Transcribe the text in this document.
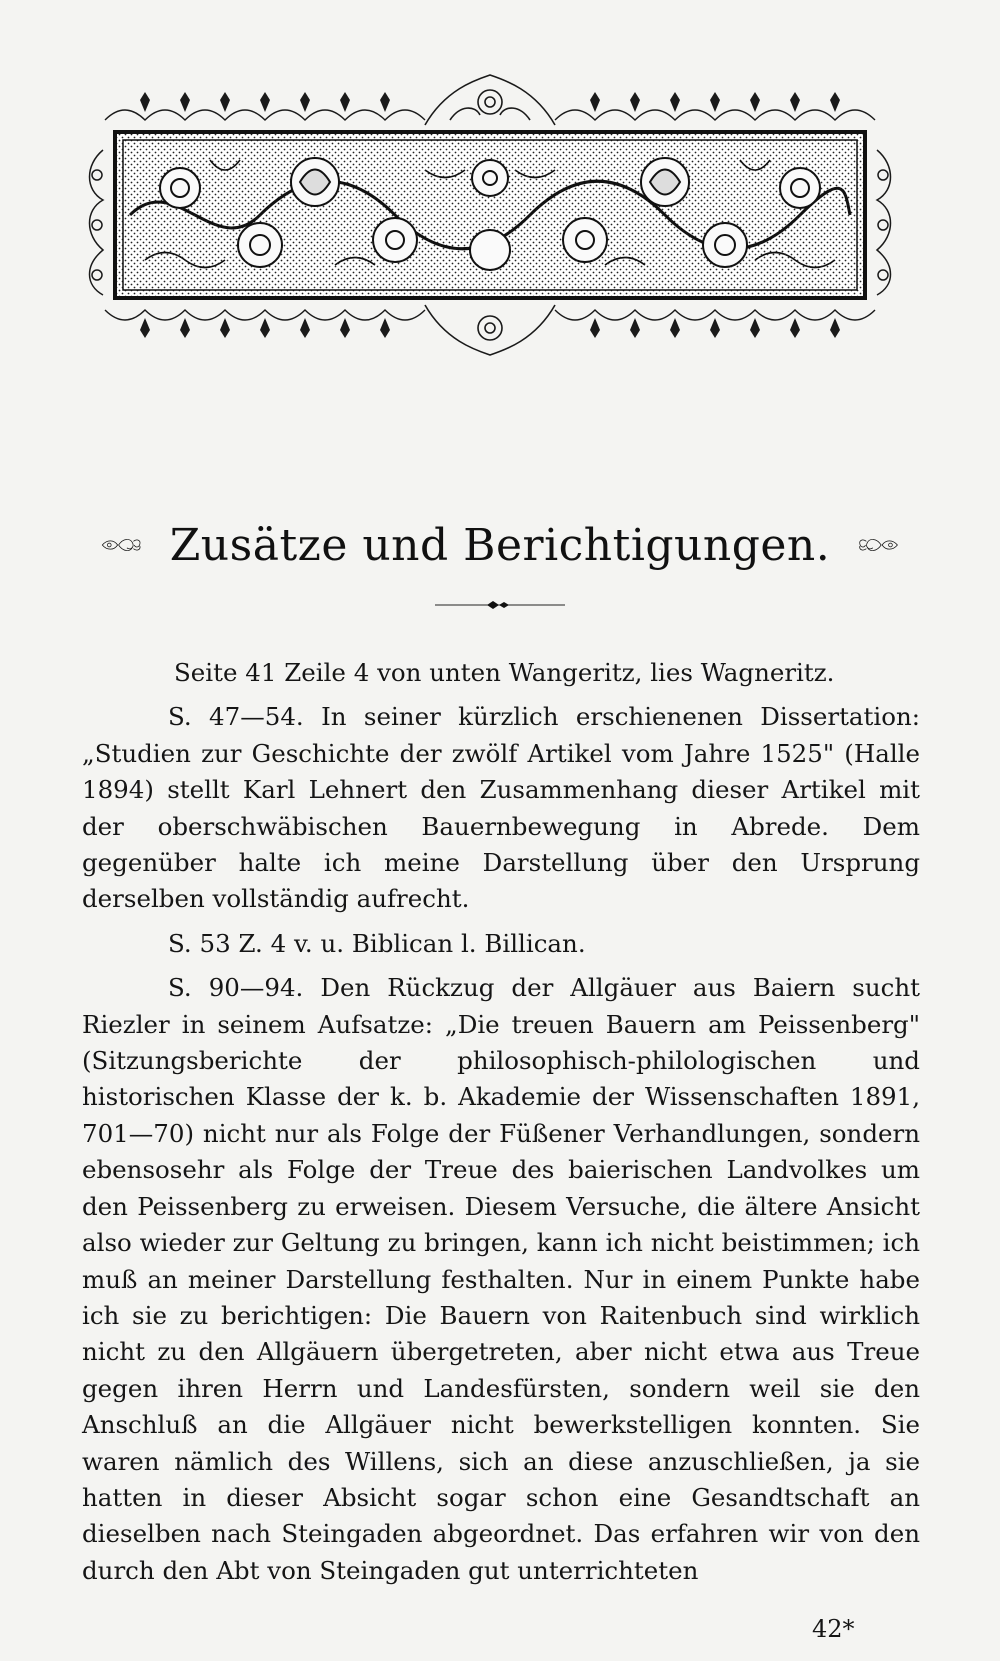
Zusätze und Berichtigungen.

Seite 41 Zeile 4 von unten Wangeritz, lies Wagneritz.

S. 47—54. In seiner kürzlich erschienenen Dissertation: „Studien zur Geschichte der zwölf Artikel vom Jahre 1525" (Halle 1894) stellt Karl Lehnert den Zusammenhang dieser Artikel mit der oberschwäbischen Bauernbewegung in Abrede. Dem gegenüber halte ich meine Darstellung über den Ursprung derselben vollständig aufrecht.

S. 53 Z. 4 v. u. Biblican l. Billican.

S. 90—94. Den Rückzug der Allgäuer aus Baiern sucht Riezler in seinem Aufsatze: „Die treuen Bauern am Peissenberg" (Sitzungsberichte der philosophisch-philologischen und historischen Klasse der k. b. Akademie der Wissenschaften 1891, 701—70) nicht nur als Folge der Füßener Verhandlungen, sondern ebensosehr als Folge der Treue des baierischen Landvolkes um den Peissenberg zu erweisen. Diesem Versuche, die ältere Ansicht also wieder zur Geltung zu bringen, kann ich nicht beistimmen; ich muß an meiner Darstellung festhalten. Nur in einem Punkte habe ich sie zu berichtigen: Die Bauern von Raitenbuch sind wirklich nicht zu den Allgäuern übergetreten, aber nicht etwa aus Treue gegen ihren Herrn und Landesfürsten, sondern weil sie den Anschluß an die Allgäuer nicht bewerkstelligen konnten. Sie waren nämlich des Willens, sich an diese anzuschließen, ja sie hatten in dieser Absicht sogar schon eine Gesandtschaft an dieselben nach Steingaden abgeordnet. Das erfahren wir von den durch den Abt von Steingaden gut unterrichteten

42*
